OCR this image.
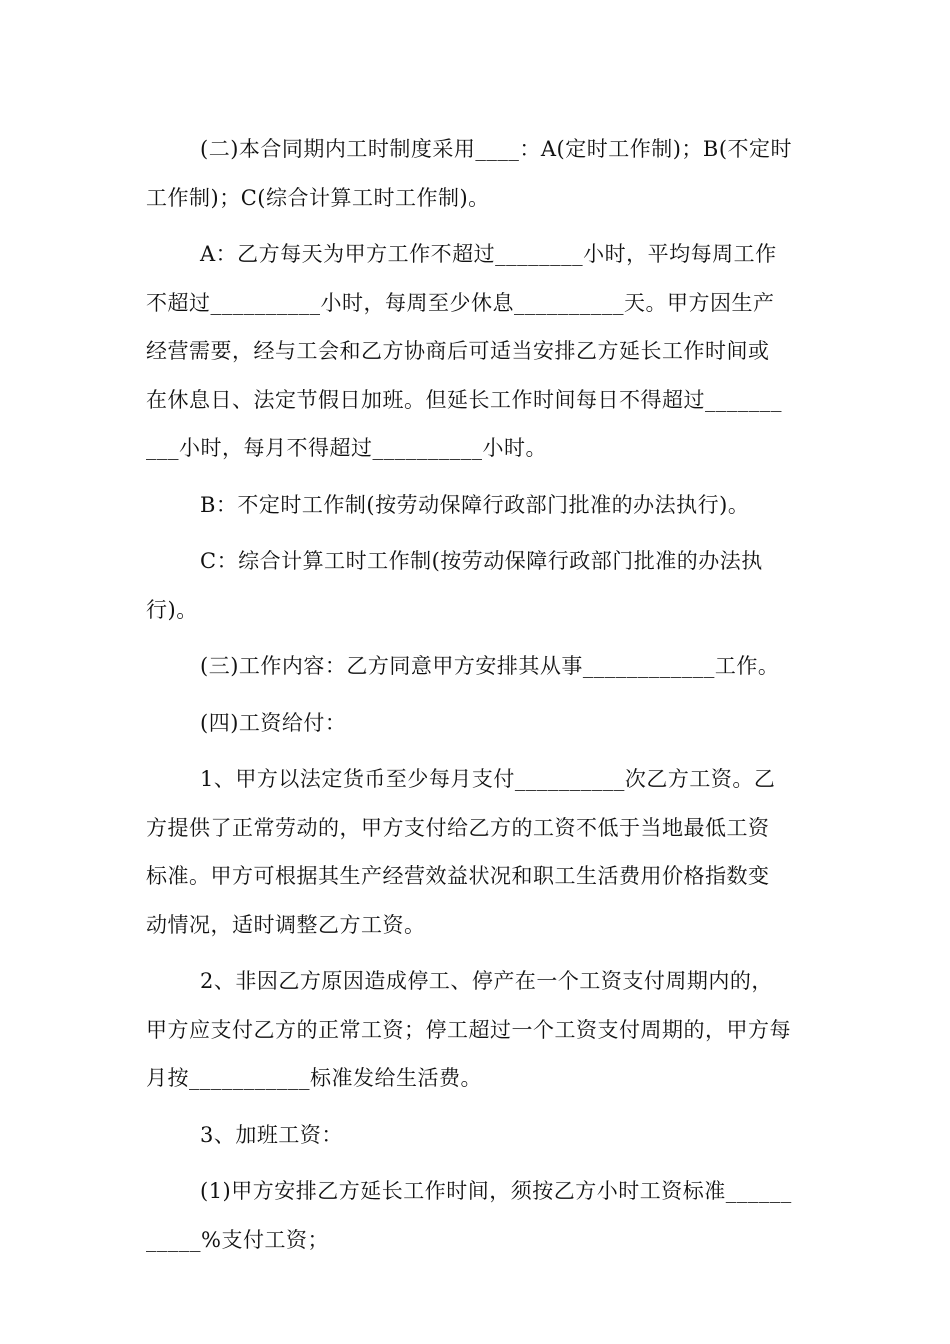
(二)本合同期内工时制度采用____：A(定时工作制)；B(不定时
工作制)；C(综合计算工时工作制)。
A：乙方每天为甲方工作不超过________小时，平均每周工作
不超过__________小时，每周至少休息__________天。甲方因生产
经营需要，经与工会和乙方协商后可适当安排乙方延长工作时间或
在休息日、法定节假日加班。但延长工作时间每日不得超过_______
___小时，每月不得超过__________小时。
B：不定时工作制(按劳动保障行政部门批准的办法执行)。
C：综合计算工时工作制(按劳动保障行政部门批准的办法执
行)。
(三)工作内容：乙方同意甲方安排其从事____________工作。
(四)工资给付：
1、甲方以法定货币至少每月支付__________次乙方工资。乙
方提供了正常劳动的，甲方支付给乙方的工资不低于当地最低工资
标准。甲方可根据其生产经营效益状况和职工生活费用价格指数变
动情况，适时调整乙方工资。
2、非因乙方原因造成停工、停产在一个工资支付周期内的，
甲方应支付乙方的正常工资；停工超过一个工资支付周期的，甲方每
月按___________标准发给生活费。
3、加班工资：
(1)甲方安排乙方延长工作时间，须按乙方小时工资标准______
_____%支付工资；
